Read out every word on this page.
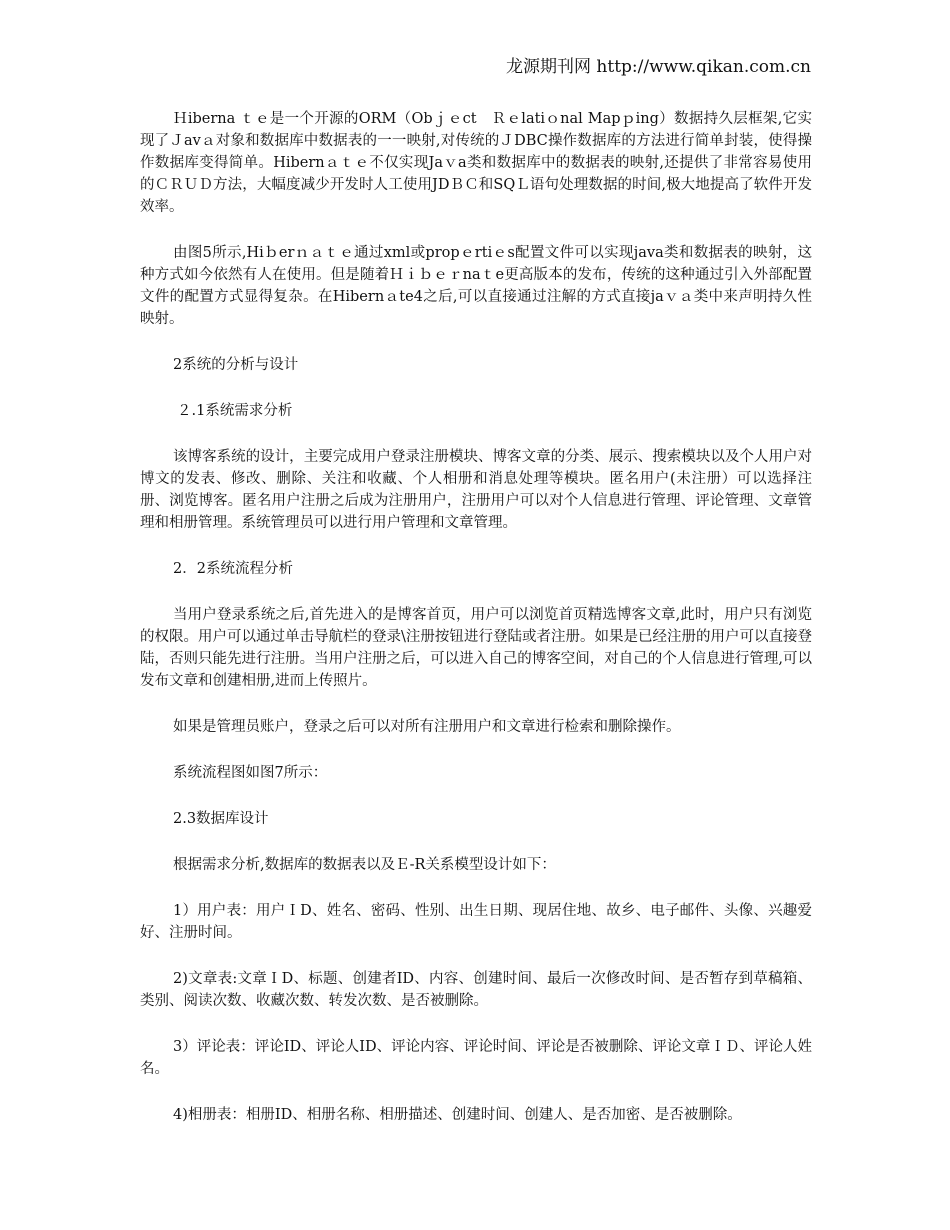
龙源期刊网 http://www.qikan.com.cn

Ｈiberna ｔｅ是一个开源的ORM（Obｊｅct　Ｒｅlatiｏnal Mapｐing）数据持久层框架,它实现了Ｊavａ对象和数据库中数据表的一一映射,对传统的ＪDBC操作数据库的方法进行简单封装，使得操作数据库变得简单。Hibernａｔｅ不仅实现Jaｖa类和数据库中的数据表的映射,还提供了非常容易使用的ＣＲＵＤ方法，大幅度减少开发时人工使用JDＢＣ和SQＬ语句处理数据的时间,极大地提高了软件开发效率。

由图5所示,Hiｂerｎａｔｅ通过xml或propｅrtiｅs配置文件可以实现java类和数据表的映射，这种方式如今依然有人在使用。但是随着Ｈｉｂｅｒnaｔe更高版本的发布，传统的这种通过引入外部配置文件的配置方式显得复杂。在Hibernａte4之后,可以直接通过注解的方式直接jaｖａ类中来声明持久性映射。

2系统的分析与设计
２.1系统需求分析

该博客系统的设计，主要完成用户登录注册模块、博客文章的分类、展示、搜索模块以及个人用户对博文的发表、修改、删除、关注和收藏、个人相册和消息处理等模块。匿名用户(未注册）可以选择注册、浏览博客。匿名用户注册之后成为注册用户，注册用户可以对个人信息进行管理、评论管理、文章管理和相册管理。系统管理员可以进行用户管理和文章管理。

2．2系统流程分析

当用户登录系统之后,首先进入的是博客首页，用户可以浏览首页精选博客文章,此时，用户只有浏览的权限。用户可以通过单击导航栏的登录\注册按钮进行登陆或者注册。如果是已经注册的用户可以直接登陆，否则只能先进行注册。当用户注册之后，可以进入自己的博客空间，对自己的个人信息进行管理,可以发布文章和创建相册,进而上传照片。

如果是管理员账户，登录之后可以对所有注册用户和文章进行检索和删除操作。

系统流程图如图7所示：

2.3数据库设计

根据需求分析,数据库的数据表以及Ｅ-R关系模型设计如下：

1）用户表：用户ＩD、姓名、密码、性别、出生日期、现居住地、故乡、电子邮件、头像、兴趣爱好、注册时间。

2)文章表:文章ＩD、标题、创建者ID、内容、创建时间、最后一次修改时间、是否暂存到草稿箱、类别、阅读次数、收藏次数、转发次数、是否被删除。

3）评论表：评论ID、评论人ID、评论内容、评论时间、评论是否被删除、评论文章ＩＤ、评论人姓名。

4)相册表：相册ID、相册名称、相册描述、创建时间、创建人、是否加密、是否被删除。
